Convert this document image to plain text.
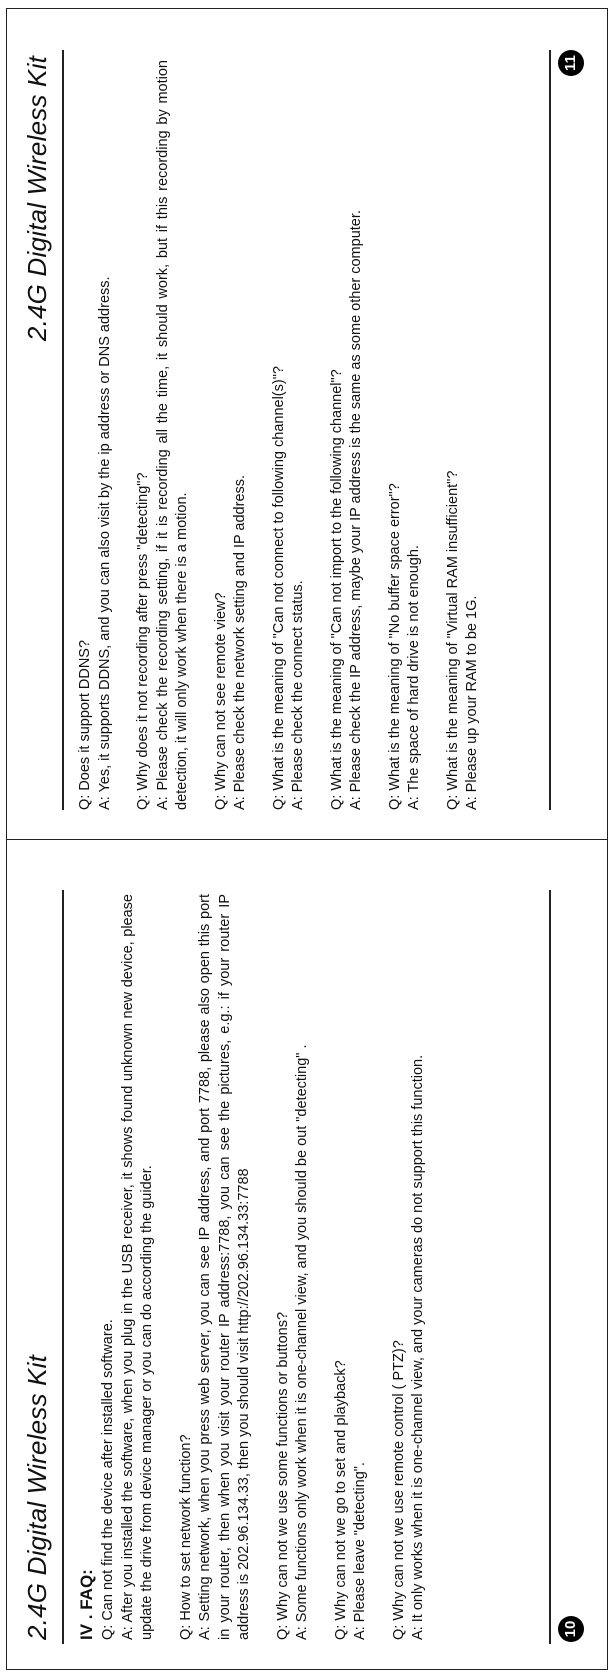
2.4G Digital Wireless Kit IV . FAQ: Q: Can not find the device after installed software. A: After you installed the software, when you plug in the USB receiver, it shows found unknown new device, please update the drive from device manager or you can do according the guider. Q: How to set network function? A: Setting network, when you press web server, you can see IP address, and port 7788, please also open this port in your router, then when you visit your router IP address:7788, you can see the pictures, e.g.: if your router IP address is 202.96.134.33, then you should visit http://202.96.134.33:7788 Q: Why can not we use some functions or buttons? A: Some functions only work when it is one-channel view, and you should be out "detecting" . Q: Why can not we go to set and playback? A: Please leave "detecting". Q: Why can not we use remote control ( PTZ)? A: It only works when it is one-channel view, and your cameras do not support this function.	10
2.4G Digital Wireless Kit

Q: Does it support DDNS? A: Yes, it supports DDNS, and you can also visit by the ip address or DNS address. Q: Why does it not recording after press "detecting"? A: Please check the recording setting, if it is recording all the time, it should work, but if this recording by motion detection, it will only work when there is a motion. Q: Why can not see remote view? A: Please check the network setting and IP address. Q: What is the meaning of "Can not connect to following channel(s)"? A: Please check the connect status. Q: What is the meaning of "Can not import to the following channel"? A: Please check the IP address, maybe your IP address is the same as some other computer. Q: What is the meaning of "No buffer space error"? A: The space of hard drive is not enough. Q: What is the meaning of "Virtual RAM insufficient"? A: Please up your RAM to be 1G.

11
